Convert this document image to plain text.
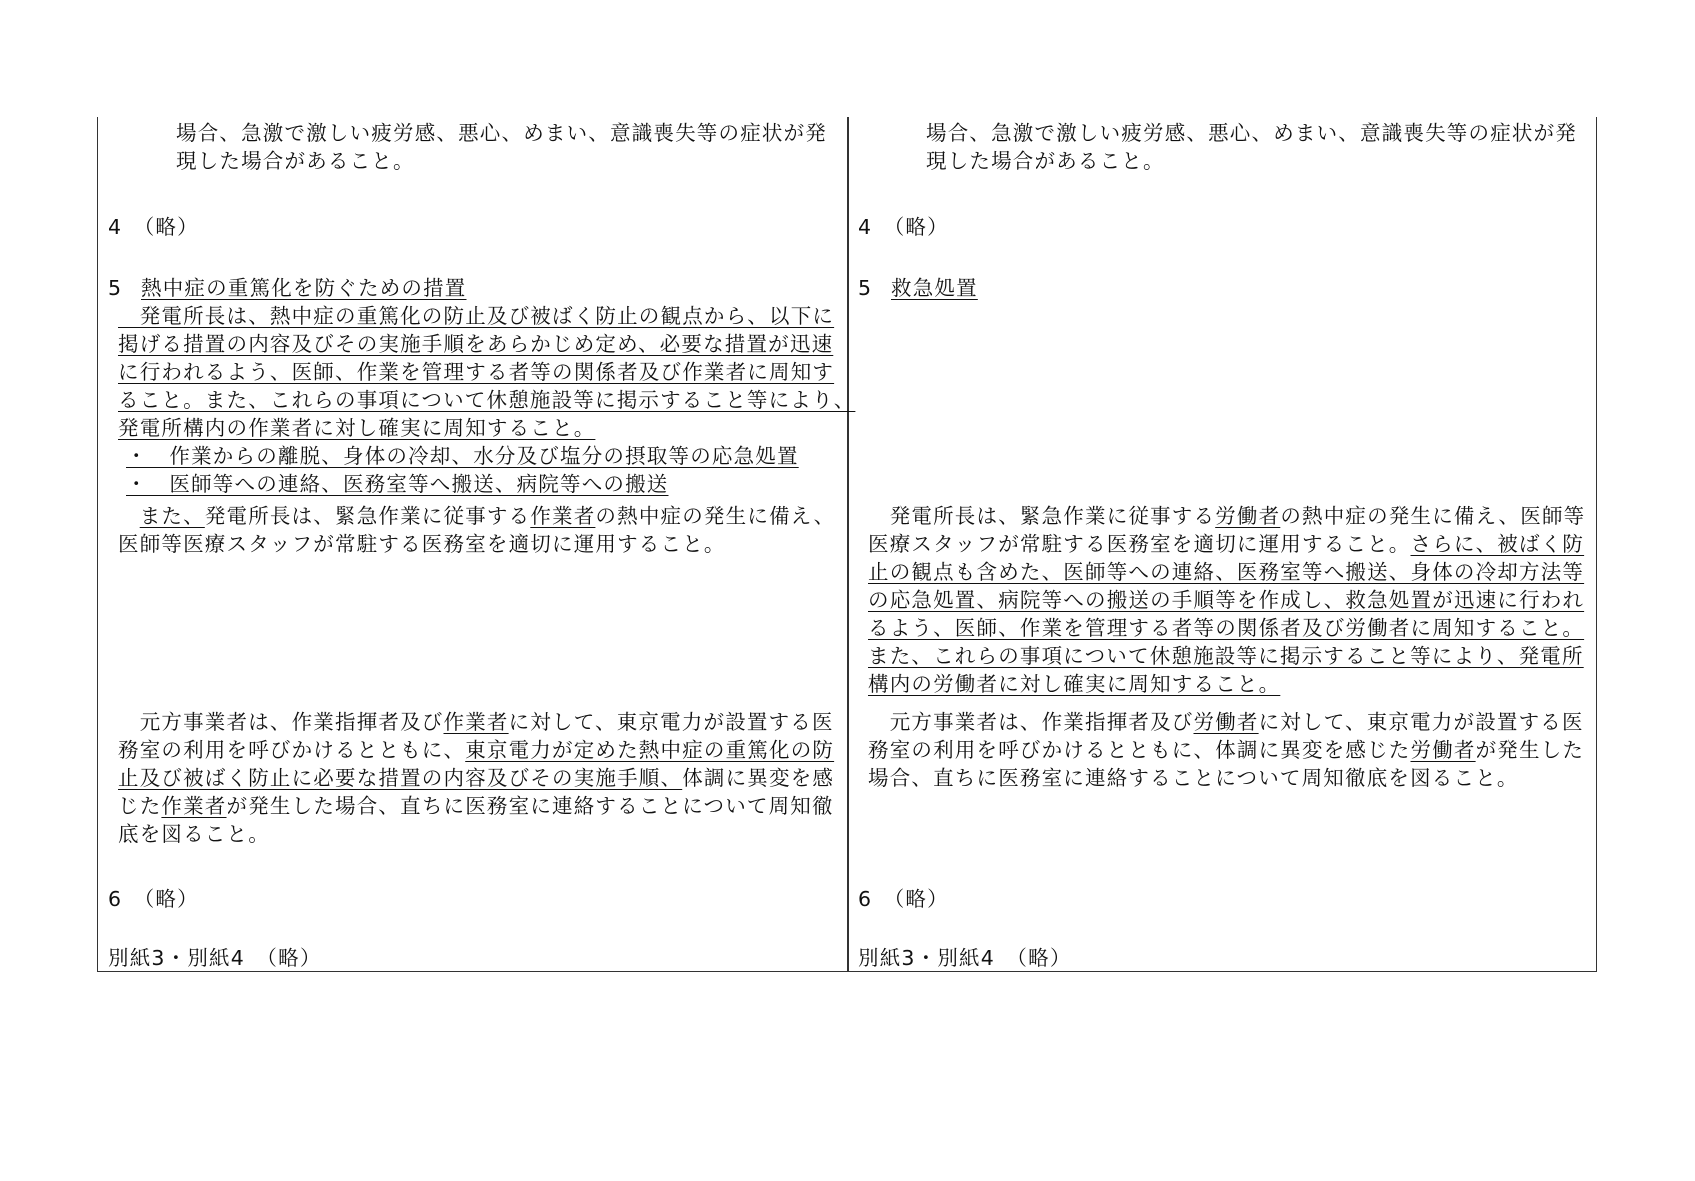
場合、急激で激しい疲労感、悪心、めまい、意識喪失等の症状が発
現した場合があること。
4　（略）
5 熱中症の重篤化を防ぐための措置
　発電所長は、熱中症の重篤化の防止及び被ばく防止の観点から、以下に
掲げる措置の内容及びその実施手順をあらかじめ定め、必要な措置が迅速
に行われるよう、医師、作業を管理する者等の関係者及び作業者に周知す
ること。また、これらの事項について休憩施設等に掲示すること等により、
発電所構内の作業者に対し確実に周知すること。
・　作業からの離脱、身体の冷却、水分及び塩分の摂取等の応急処置
・　医師等への連絡、医務室等へ搬送、病院等への搬送
　また、発電所長は、緊急作業に従事する作業者の熱中症の発生に備え、
医師等医療スタッフが常駐する医務室を適切に運用すること。
　元方事業者は、作業指揮者及び作業者に対して、東京電力が設置する医
務室の利用を呼びかけるとともに、東京電力が定めた熱中症の重篤化の防
止及び被ばく防止に必要な措置の内容及びその実施手順、体調に異変を感
じた作業者が発生した場合、直ちに医務室に連絡することについて周知徹
底を図ること。
6　（略）
別紙3・別紙4　（略）
場合、急激で激しい疲労感、悪心、めまい、意識喪失等の症状が発
現した場合があること。
4　（略）
5 救急処置
　発電所長は、緊急作業に従事する労働者の熱中症の発生に備え、医師等
医療スタッフが常駐する医務室を適切に運用すること。さらに、被ばく防
止の観点も含めた、医師等への連絡、医務室等へ搬送、身体の冷却方法等
の応急処置、病院等への搬送の手順等を作成し、救急処置が迅速に行われ
るよう、医師、作業を管理する者等の関係者及び労働者に周知すること。
また、これらの事項について休憩施設等に掲示すること等により、発電所
構内の労働者に対し確実に周知すること。
　元方事業者は、作業指揮者及び労働者に対して、東京電力が設置する医
務室の利用を呼びかけるとともに、体調に異変を感じた労働者が発生した
場合、直ちに医務室に連絡することについて周知徹底を図ること。
6　（略）
別紙3・別紙4　（略）
